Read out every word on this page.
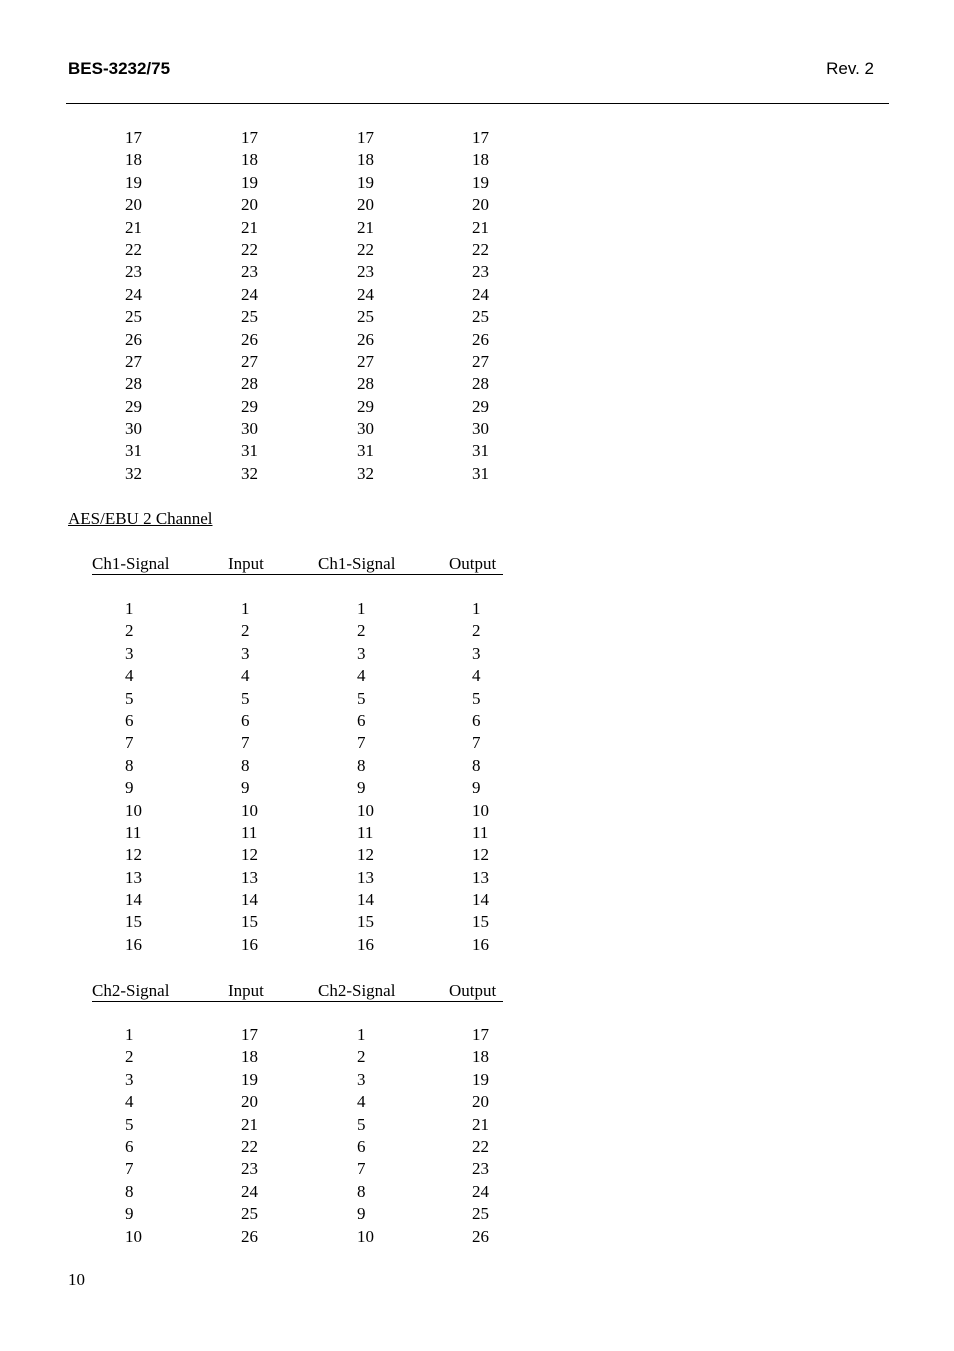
BES-3232/75	Rev. 2
17	17	17	17
18	18	18	18
19	19	19	19
20	20	20	20
21	21	21	21
22	22	22	22
23	23	23	23
24	24	24	24
25	25	25	25
26	26	26	26
27	27	27	27
28	28	28	28
29	29	29	29
30	30	30	30
31	31	31	31
32	32	32	31
AES/EBU 2 Channel
Ch1-Signal	Input	Ch1-Signal	Output
1	1	1	1
2	2	2	2
3	3	3	3
4	4	4	4
5	5	5	5
6	6	6	6
7	7	7	7
8	8	8	8
9	9	9	9
10	10	10	10
11	11	11	11
12	12	12	12
13	13	13	13
14	14	14	14
15	15	15	15
16	16	16	16
Ch2-Signal	Input	Ch2-Signal	Output
1	17	1	17
2	18	2	18
3	19	3	19
4	20	4	20
5	21	5	21
6	22	6	22
7	23	7	23
8	24	8	24
9	25	9	25
10	26	10	26
10
